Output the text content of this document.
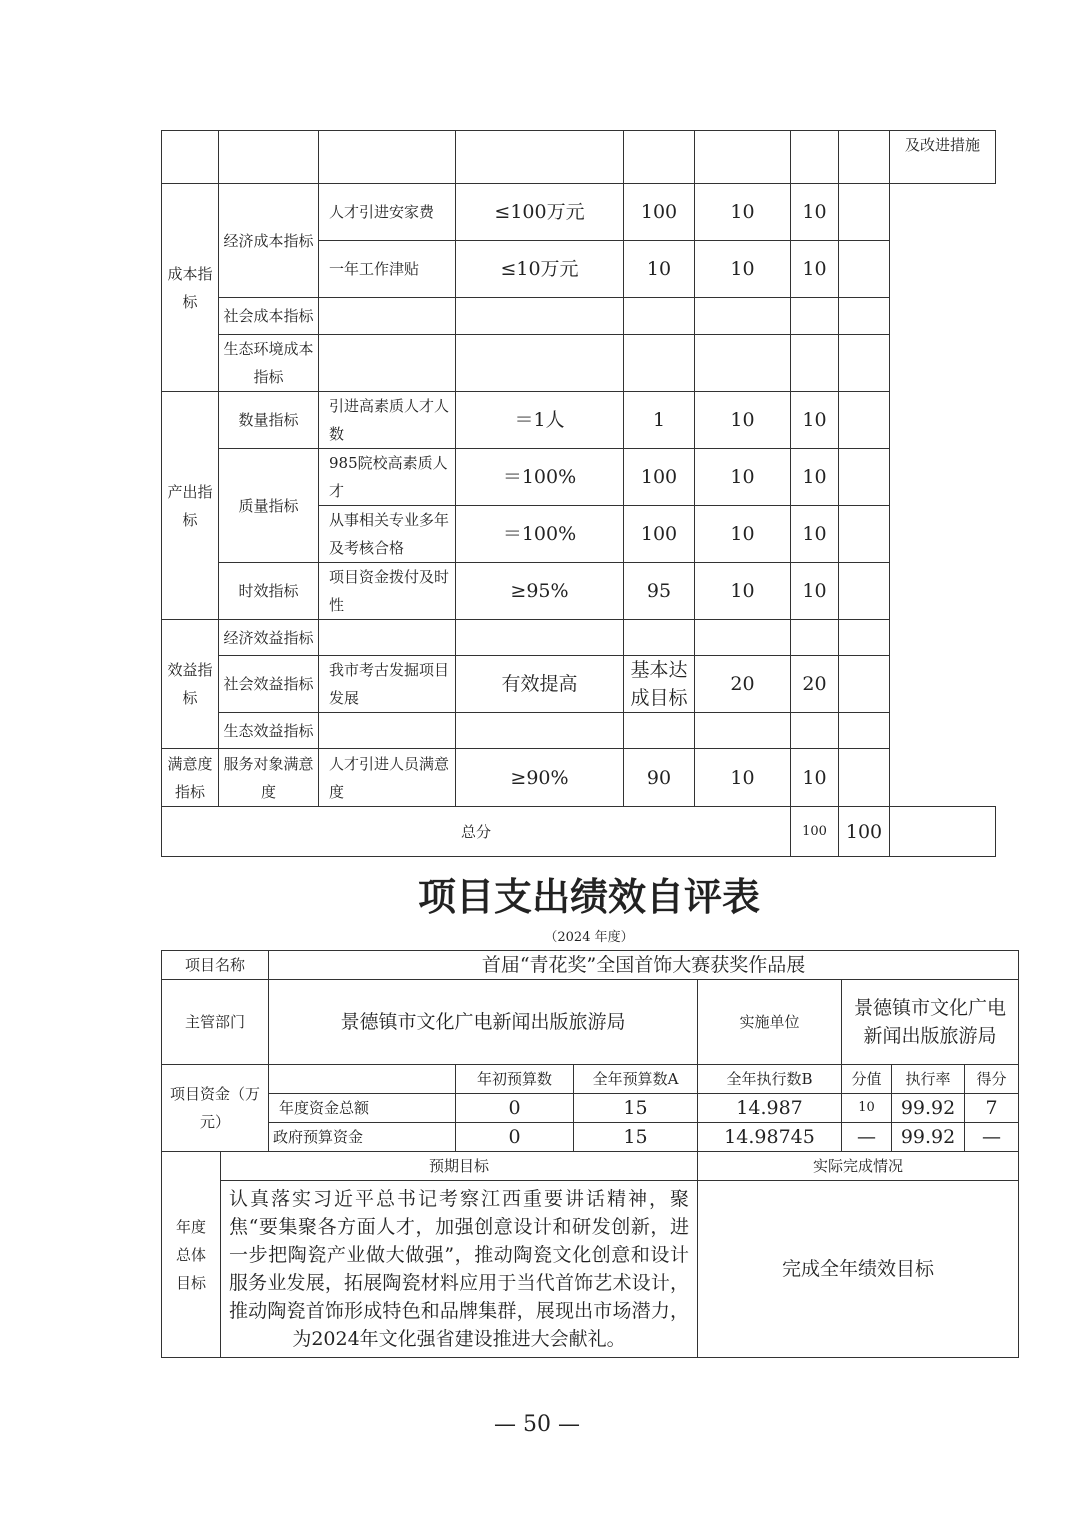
								及改进措施
成本指标	经济成本指标	人才引进安家费	≤100万元	100	10	10		
		一年工作津贴	≤10万元	10	10	10		
	社会成本指标							
	生态环境成本指标							
产出指标	数量指标	引进高素质人才人数	＝1人	1	10	10		
	质量指标	985院校高素质人才	＝100%	100	10	10		
		从事相关专业多年及考核合格	＝100%	100	10	10		
	时效指标	项目资金拨付及时性	≥95%	95	10	10		
效益指标	经济效益指标							
	社会效益指标	我市考古发掘项目发展	有效提高	基本达成目标	20	20		
	生态效益指标							
满意度指标	服务对象满意度	人才引进人员满意度	≥90%	90	10	10		
总分						100	100	
项目支出绩效自评表
（2024 年度）
项目名称		首届“青花奖”全国首饰大赛获奖作品展						
主管部门		景德镇市文化广电新闻出版旅游局			实施单位	景德镇市文化广电新闻出版旅游局		
项目资金（万元）			年初预算数	全年预算数A	全年执行数B	分值	执行率	得分
		年度资金总额	0	15	14.987	10	99.92	7
		政府预算资金	0	15	14.98745	—	99.92	—
年度总体目标	预期目标				实际完成情况			
	认真落实习近平总书记考察江西重要讲话精神，聚焦“要集聚各方面人才，加强创意设计和研发创新，进一步把陶瓷产业做大做强”，推动陶瓷文化创意和设计服务业发展，拓展陶瓷材料应用于当代首饰艺术设计，推动陶瓷首饰形成特色和品牌集群，展现出市场潜力，为2024年文化强省建设推进大会献礼。				完成全年绩效目标			
— 50 —
